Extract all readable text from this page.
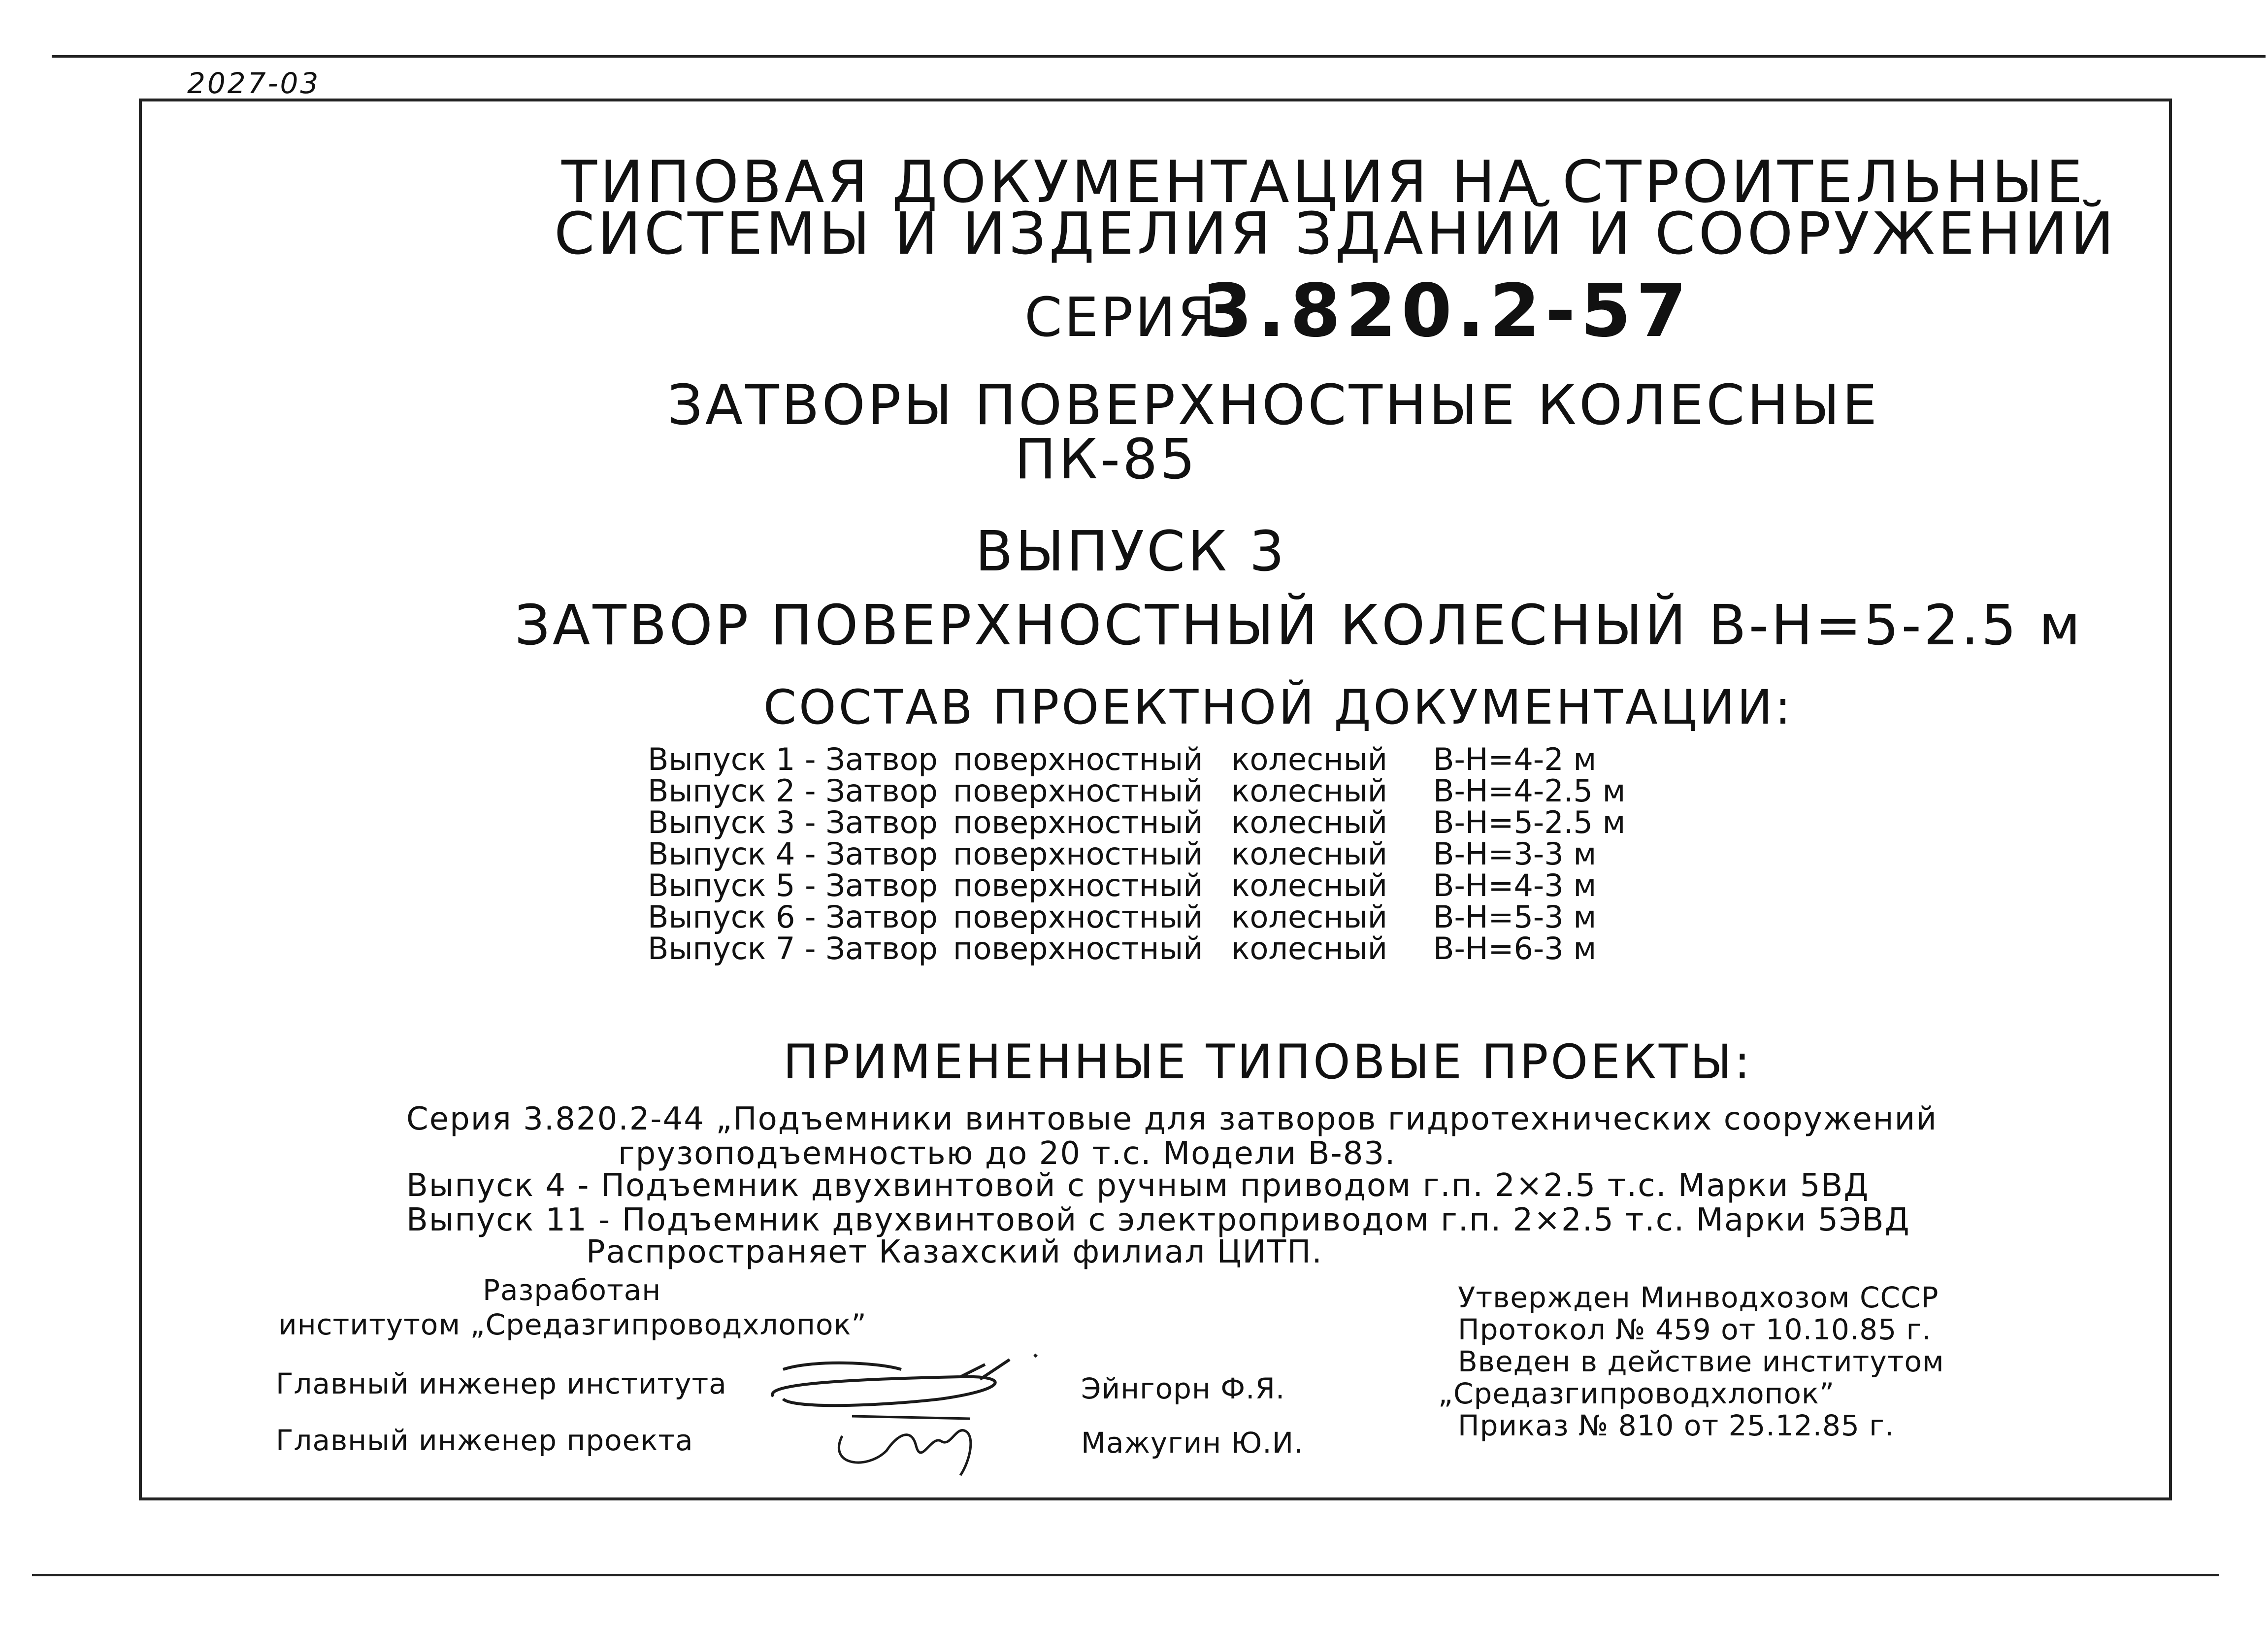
2027-03
ТИПОВАЯ ДОКУМЕНТАЦИЯ НА СТРОИТЕЛЬНЫЕ
СИСТЕМЫ И ИЗДЕЛИЯ ЗДАНИЙ И СООРУЖЕНИЙ
СЕРИЯ
3.820.2-57
ЗАТВОРЫ ПОВЕРХНОСТНЫЕ КОЛЕСНЫЕ
ПК-85
ВЫПУСК 3
ЗАТВОР ПОВЕРХНОСТНЫЙ КОЛЕСНЫЙ В-Н=5-2.5 м
СОСТАВ ПРОЕКТНОЙ ДОКУМЕНТАЦИИ:
Выпуск 1 - Затвор поверхностный колесный В-Н=4-2 м
Выпуск 2 - Затвор поверхностный колесный В-Н=4-2.5 м
Выпуск 3 - Затвор поверхностный колесный В-Н=5-2.5 м
Выпуск 4 - Затвор поверхностный колесный В-Н=3-3 м
Выпуск 5 - Затвор поверхностный колесный В-Н=4-3 м
Выпуск 6 - Затвор поверхностный колесный В-Н=5-3 м
Выпуск 7 - Затвор поверхностный колесный В-Н=6-3 м
ПРИМЕНЕННЫЕ ТИПОВЫЕ ПРОЕКТЫ:
Серия 3.820.2-44 „Подъемники винтовые для затворов гидротехнических сооружений
грузоподъемностью до 20 т.с. Модели В-83.
Выпуск 4 - Подъемник двухвинтовой с ручным приводом г.п. 2×2.5 т.с. Марки 5ВД
Выпуск 11 - Подъемник двухвинтовой с электроприводом г.п. 2×2.5 т.с. Марки 5ЭВД
Распространяет Казахский филиал ЦИТП.
Разработан
институтом „Средазгипроводхлопок”
Главный инженер института	Эйнгорн Ф.Я.
Главный инженер проекта	Мажугин Ю.И.
Утвержден Минводхозом СССР
Протокол № 459 от 10.10.85 г.
Введен в действие институтом
„Средазгипроводхлопок”
Приказ № 810 от 25.12.85 г.
